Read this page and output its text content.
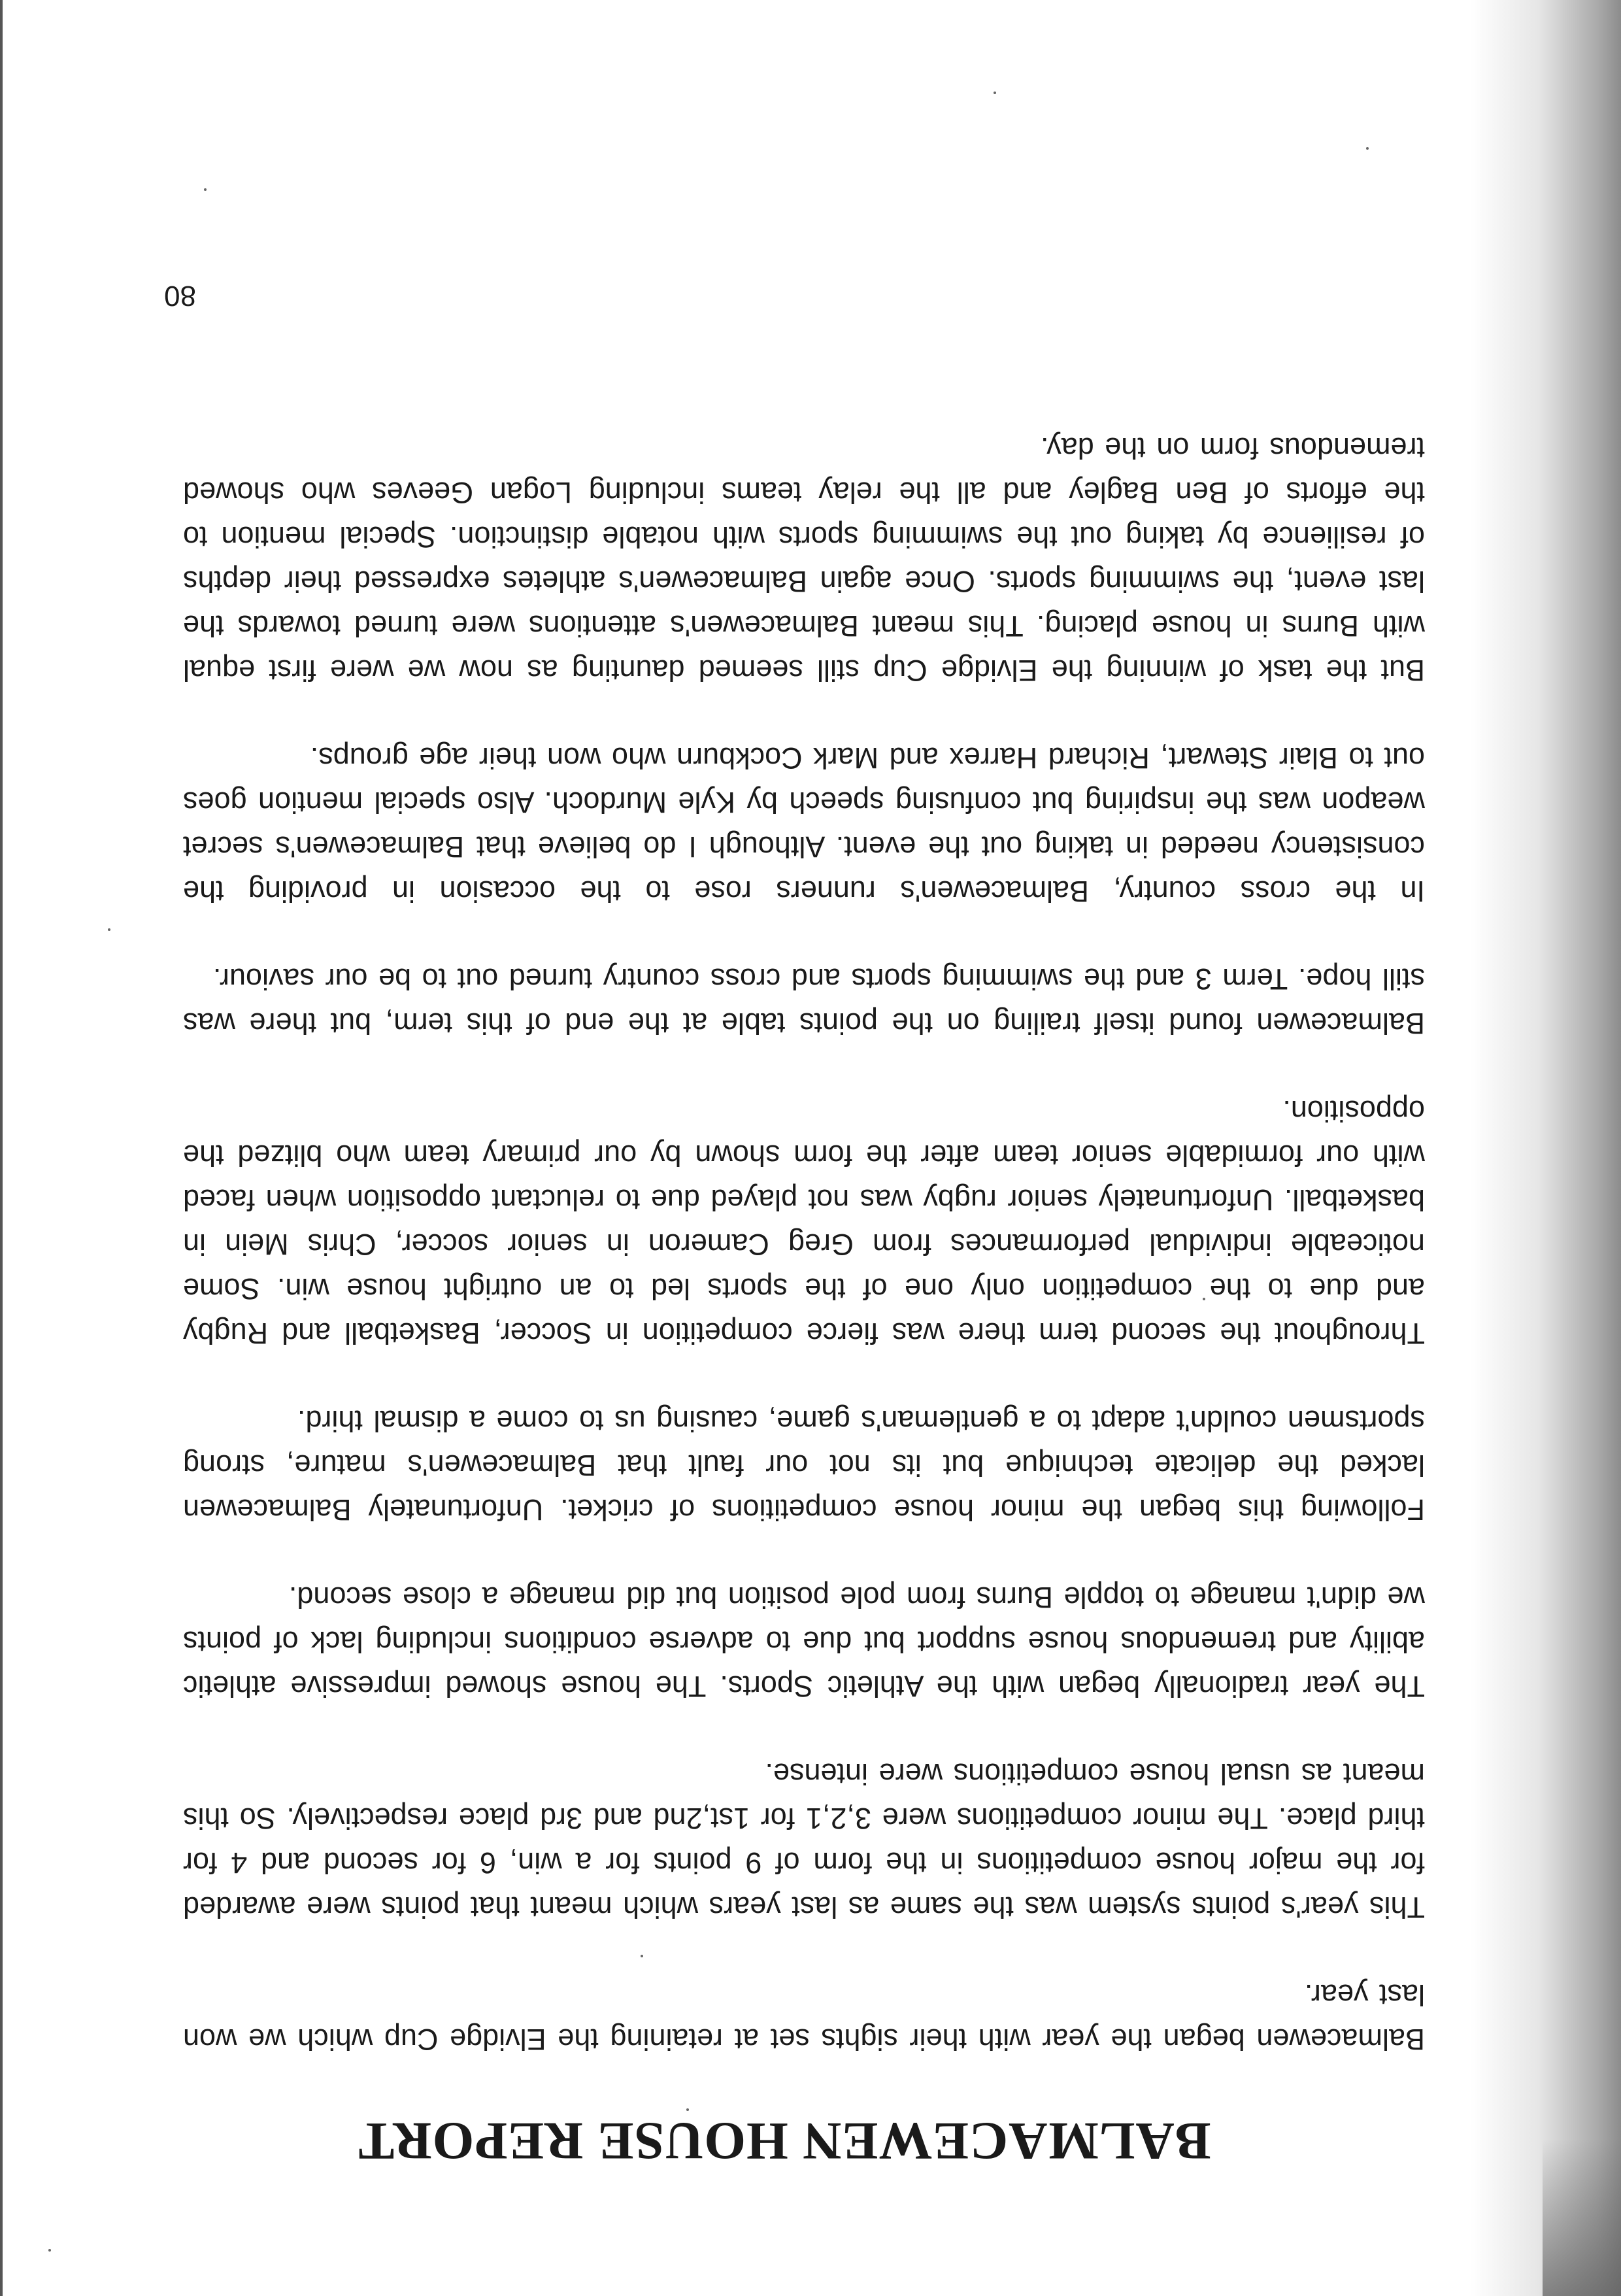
BALMACEWEN HOUSE REPORT

Balmacewen began the year with their sights set at retaining the Elvidge Cup which we won last year.

This year's points system was the same as last years which meant that points were awarded for the major house competitions in the form of 9 points for a win, 6 for second and 4 for third place. The minor competitions were 3,2,1 for 1st,2nd and 3rd place respectively. So this meant as usual house competitions were intense.

The year tradionally began with the Athletic Sports. The house showed impressive athletic ability and tremendous house support but due to adverse conditions including lack of points we didn't manage to topple Burns from pole position but did manage a close second.

Following this began the minor house competitions of cricket. Unfortunately Balmacewen lacked the delicate technique but its not our fault that Balmacewen's mature, strong sportsmen couldn't adapt to a gentleman's game, causing us to come a dismal third.

Throughout the second term there was fierce competition in Soccer, Basketball and Rugby and due to the competition only one of the sports led to an outright house win. Some noticeable individual performances from Greg Cameron in senior soccer, Chris Mein in basketball. Unfortunately senior rugby was not played due to reluctant opposition when faced with our formidable senior team after the form shown by our primary team who blitzed the opposition.

Balmacewen found itself trailing on the points table at the end of this term, but there was still hope. Term 3 and the swimming sports and cross country turned out to be our saviour.

In the cross country, Balmacewen's runners rose to the occasion in providing the consistency needed in taking out the event. Although I do believe that Balmacewen's secret weapon was the inspiring but confusing speech by Kyle Murdoch. Also special mention goes out to Blair Stewart, Richard Harrex and Mark Cockburn who won their age groups.

But the task of winning the Elvidge Cup still seemed daunting as now we were first equal with Burns in house placing. This meant Balmacewen's attentions were turned towards the last event, the swimming sports. Once again Balmacewen's athletes expressed their depths of resilience by taking out the swimming sports with notable distinction. Special mention to the efforts of Ben Bagley and all the relay teams including Logan Geeves who showed tremendous form on the day.

80
